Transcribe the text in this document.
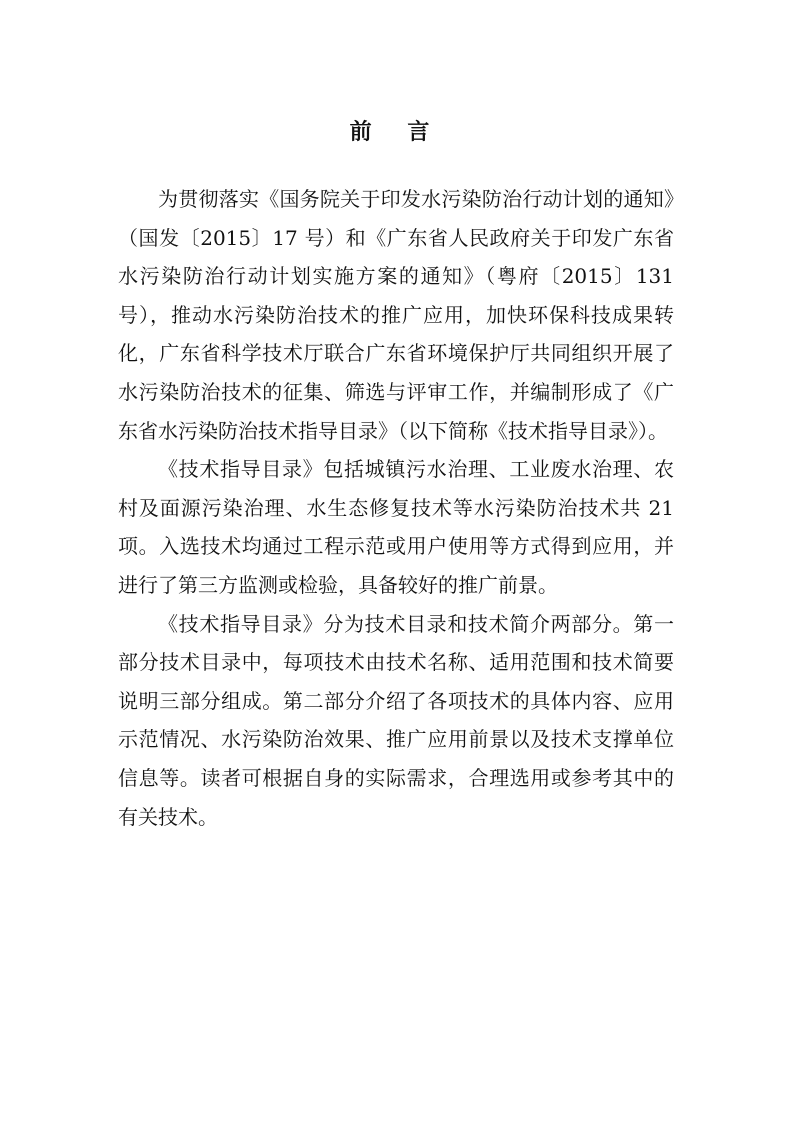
前 言

为贯彻落实《国务院关于印发水污染防治行动计划的通知》（国发〔2015〕17 号）和《广东省人民政府关于印发广东省水污染防治行动计划实施方案的通知》（粤府〔2015〕131 号），推动水污染防治技术的推广应用，加快环保科技成果转化，广东省科学技术厅联合广东省环境保护厅共同组织开展了水污染防治技术的征集、筛选与评审工作，并编制形成了《广东省水污染防治技术指导目录》（以下简称《技术指导目录》）。

《技术指导目录》包括城镇污水治理、工业废水治理、农村及面源污染治理、水生态修复技术等水污染防治技术共 21 项。入选技术均通过工程示范或用户使用等方式得到应用，并进行了第三方监测或检验，具备较好的推广前景。

《技术指导目录》分为技术目录和技术简介两部分。第一部分技术目录中，每项技术由技术名称、适用范围和技术简要说明三部分组成。第二部分介绍了各项技术的具体内容、应用示范情况、水污染防治效果、推广应用前景以及技术支撑单位信息等。读者可根据自身的实际需求，合理选用或参考其中的有关技术。
